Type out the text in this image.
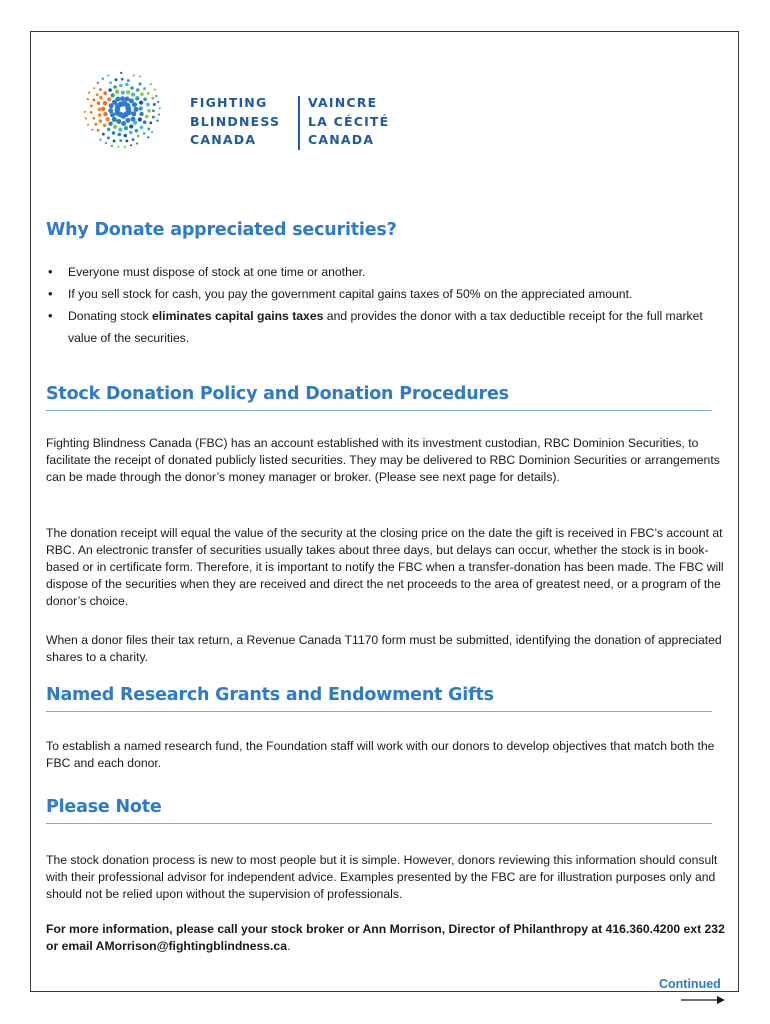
FIGHTING
BLINDNESS
CANADA
VAINCRE
LA CÉCITÉ
CANADA
Why Donate appreciated securities?
• Everyone must dispose of stock at one time or another.
• If you sell stock for cash, you pay the government capital gains taxes of 50% on the appreciated amount.
• Donating stock eliminates capital gains taxes and provides the donor with a tax deductible receipt for the full market value of the securities.
Stock Donation Policy and Donation Procedures

Fighting Blindness Canada (FBC) has an account established with its investment custodian, RBC Dominion Securities, to facilitate the receipt of donated publicly listed securities. They may be delivered to RBC Dominion Securities or arrangements can be made through the donor’s money manager or broker. (Please see next page for details).

The donation receipt will equal the value of the security at the closing price on the date the gift is received in FBC’s account at RBC. An electronic transfer of securities usually takes about three days, but delays can occur, whether the stock is in book-based or in certificate form. Therefore, it is important to notify the FBC when a transfer-donation has been made. The FBC will dispose of the securities when they are received and direct the net proceeds to the area of greatest need, or a program of the donor’s choice.

When a donor files their tax return, a Revenue Canada T1170 form must be submitted, identifying the donation of appreciated shares to a charity.

Named Research Grants and Endowment Gifts

To establish a named research fund, the Foundation staff will work with our donors to develop objectives that match both the FBC and each donor.

Please Note

The stock donation process is new to most people but it is simple. However, donors reviewing this information should consult with their professional advisor for independent advice. Examples presented by the FBC are for illustration purposes only and should not be relied upon without the supervision of professionals.

For more information, please call your stock broker or Ann Morrison, Director of Philanthropy at 416.360.4200 ext 232 or email AMorrison@fightingblindness.ca.

Continued
